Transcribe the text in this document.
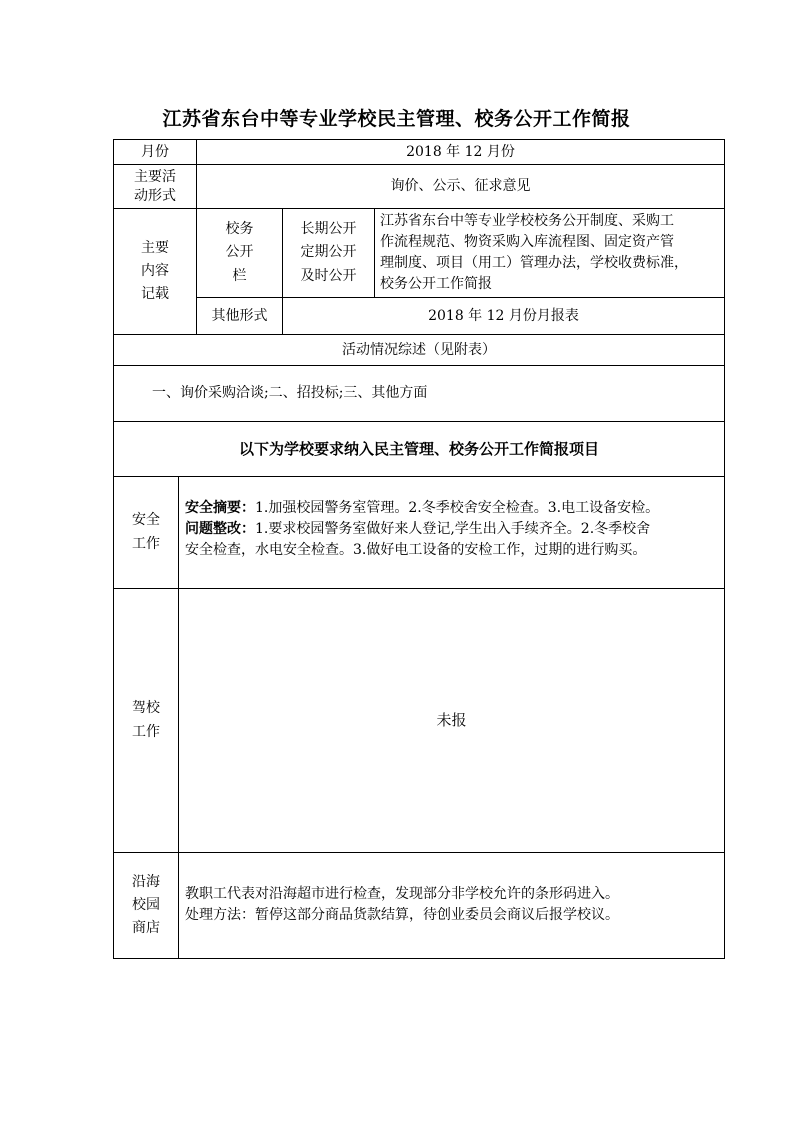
江苏省东台中等专业学校民主管理、校务公开工作简报
月份	2018 年 12 月份
主要活
动形式
询价、公示、征求意见
主要
内容
记载
校务
公开
栏
长期公开
定期公开
及时公开
江苏省东台中等专业学校校务公开制度、采购工
作流程规范、物资采购入库流程图、固定资产管
理制度、项目（用工）管理办法，学校收费标准，
校务公开工作简报
其他形式	2018 年 12 月份月报表
活动情况综述（见附表）
一、询价采购洽谈;二、招投标;三、其他方面
以下为学校要求纳入民主管理、校务公开工作简报项目
安全
工作
安全摘要：1.加强校园警务室管理。2.冬季校舍安全检查。3.电工设备安检。
问题整改：1.要求校园警务室做好来人登记,学生出入手续齐全。2.冬季校舍
安全检查，水电安全检查。3.做好电工设备的安检工作，过期的进行购买。
驾校
工作
未报
沿海
校园
商店
教职工代表对沿海超市进行检查，发现部分非学校允许的条形码进入。
处理方法：暂停这部分商品货款结算，待创业委员会商议后报学校议。
